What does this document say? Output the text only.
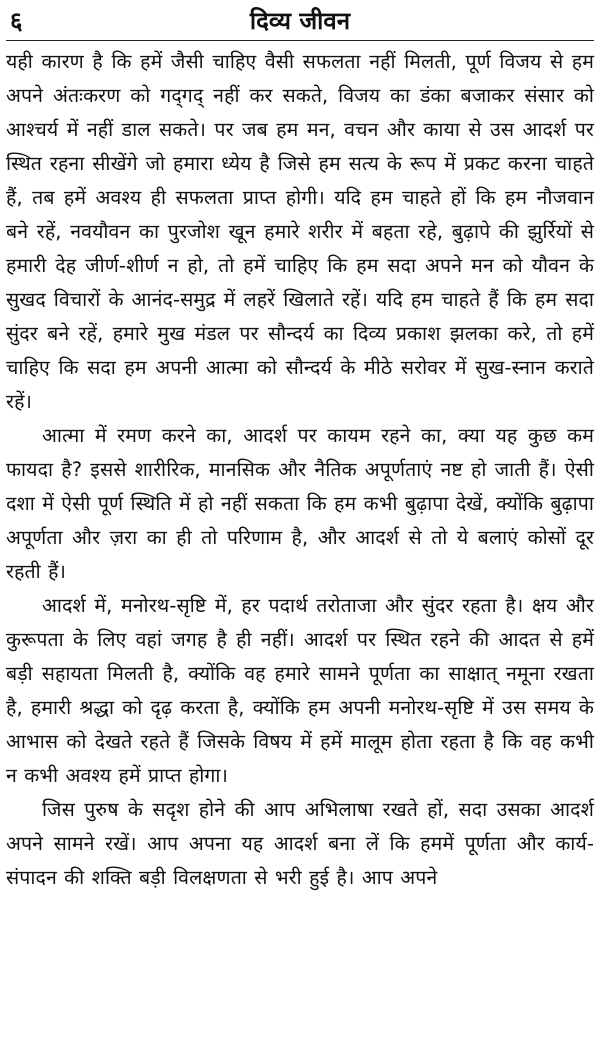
६	दिव्य जीवन

यही कारण है कि हमें जैसी चाहिए वैसी सफलता नहीं मिलती, पूर्ण विजय से हम अपने अंतःकरण को गद्‌गद्‌ नहीं कर सकते, विजय का डंका बजाकर संसार को आश्चर्य में नहीं डाल सकते। पर जब हम मन, वचन और काया से उस आदर्श पर स्थित रहना सीखेंगे जो हमारा ध्येय है जिसे हम सत्य के रूप में प्रकट करना चाहते हैं, तब हमें अवश्य ही सफलता प्राप्त होगी। यदि हम चाहते हों कि हम नौजवान बने रहें, नवयौवन का पुरजोश खून हमारे शरीर में बहता रहे, बुढ़ापे की झुर्रियों से हमारी देह जीर्ण-शीर्ण न हो, तो हमें चाहिए कि हम सदा अपने मन को यौवन के सुखद विचारों के आनंद-समुद्र में लहरें खिलाते रहें। यदि हम चाहते हैं कि हम सदा सुंदर बने रहें, हमारे मुख मंडल पर सौन्दर्य का दिव्य प्रकाश झलका करे, तो हमें चाहिए कि सदा हम अपनी आत्मा को सौन्दर्य के मीठे सरोवर में सुख-स्नान कराते रहें।

आत्मा में रमण करने का, आदर्श पर कायम रहने का, क्या यह कुछ कम फायदा है? इससे शारीरिक, मानसिक और नैतिक अपूर्णताएं नष्ट हो जाती हैं। ऐसी दशा में ऐसी पूर्ण स्थिति में हो नहीं सकता कि हम कभी बुढ़ापा देखें, क्योंकि बुढ़ापा अपूर्णता और ज़रा का ही तो परिणाम है, और आदर्श से तो ये बलाएं कोसों दूर रहती हैं।

आदर्श में, मनोरथ-सृष्टि में, हर पदार्थ तरोताजा और सुंदर रहता है। क्षय और कुरूपता के लिए वहां जगह है ही नहीं। आदर्श पर स्थित रहने की आदत से हमें बड़ी सहायता मिलती है, क्योंकि वह हमारे सामने पूर्णता का साक्षात् नमूना रखता है, हमारी श्रद्धा को दृढ़ करता है, क्योंकि हम अपनी मनोरथ-सृष्टि में उस समय के आभास को देखते रहते हैं जिसके विषय में हमें मालूम होता रहता है कि वह कभी न कभी अवश्य हमें प्राप्त होगा।

जिस पुरुष के सदृश होने की आप अभिलाषा रखते हों, सदा उसका आदर्श अपने सामने रखें। आप अपना यह आदर्श बना लें कि हममें पूर्णता और कार्य-संपादन की शक्ति बड़ी विलक्षणता से भरी हुई है। आप अपने
